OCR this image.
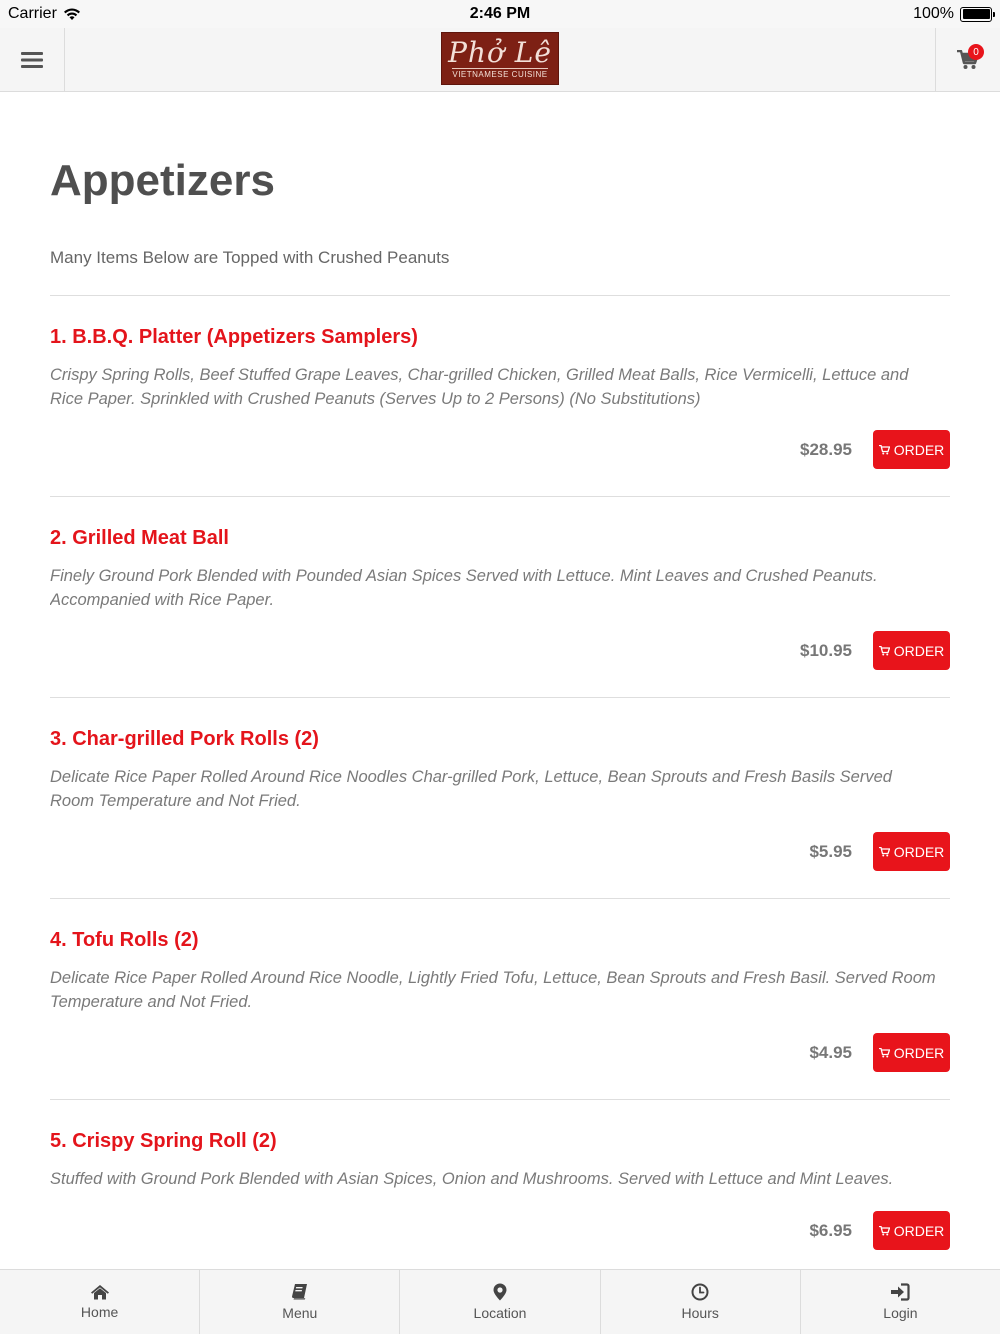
Carrier	2:46 PM	100%
Phở Lê
VIETNAMESE CUISINE
0
Appetizers

Many Items Below are Topped with Crushed Peanuts

1. B.B.Q. Platter (Appetizers Samplers)
Crispy Spring Rolls, Beef Stuffed Grape Leaves, Char-grilled Chicken, Grilled Meat Balls, Rice Vermicelli, Lettuce and Rice Paper. Sprinkled with Crushed Peanuts (Serves Up to 2 Persons) (No Substitutions)
$28.95	ORDER
2. Grilled Meat Ball
Finely Ground Pork Blended with Pounded Asian Spices Served with Lettuce. Mint Leaves and Crushed Peanuts. Accompanied with Rice Paper.
$10.95	ORDER
3. Char-grilled Pork Rolls (2)
Delicate Rice Paper Rolled Around Rice Noodles Char-grilled Pork, Lettuce, Bean Sprouts and Fresh Basils Served Room Temperature and Not Fried.
$5.95	ORDER
4. Tofu Rolls (2)
Delicate Rice Paper Rolled Around Rice Noodle, Lightly Fried Tofu, Lettuce, Bean Sprouts and Fresh Basil. Served Room Temperature and Not Fried.
$4.95	ORDER
5. Crispy Spring Roll (2)
Stuffed with Ground Pork Blended with Asian Spices, Onion and Mushrooms. Served with Lettuce and Mint Leaves.
$6.95	ORDER
Home	Menu	Location	Hours	Login
